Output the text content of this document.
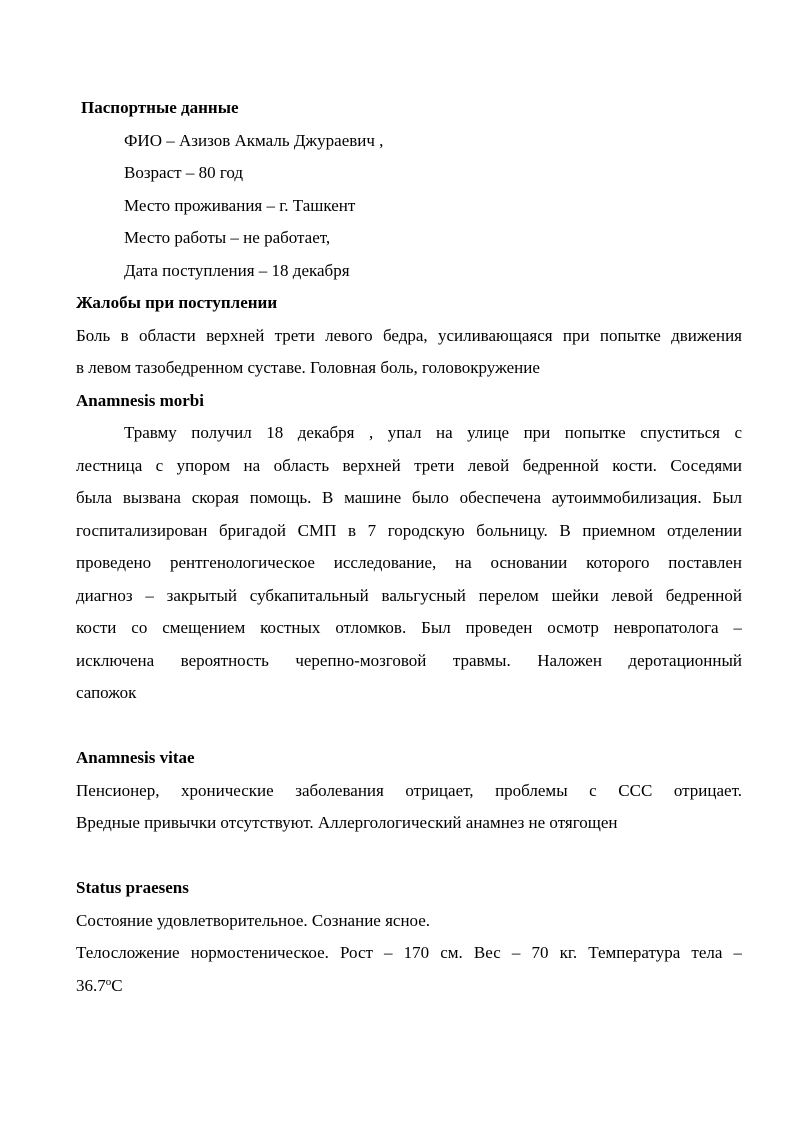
Паспортные данные
ФИО – Азизов Акмаль Джураевич ,
Возраст – 80 год
Место проживания – г. Ташкент
Место работы – не работает,
Дата поступления – 18 декабря
Жалобы при поступлении
Боль в области верхней трети левого бедра, усиливающаяся при попытке движения
в левом тазобедренном суставе. Головная боль, головокружение
Anamnesis morbi
Травму получил 18 декабря , упал на улице при попытке спуститься с
лестница с упором на область верхней трети левой бедренной кости. Соседями
была вызвана скорая помощь. В машине было обеспечена аутоиммобилизация. Был
госпитализирован бригадой СМП в 7 городскую больницу. В приемном отделении
проведено рентгенологическое исследование, на основании которого поставлен
диагноз – закрытый субкапитальный вальгусный перелом шейки левой бедренной
кости со смещением костных отломков. Был проведен осмотр невропатолога –
исключена вероятность черепно-мозговой травмы. Наложен деротационный
сапожок
Anamnesis vitae
Пенсионер, хронические заболевания отрицает, проблемы с ССС отрицает.
Вредные привычки отсутствуют. Аллергологический анамнез не отягощен
Status praesens
Состояние удовлетворительное. Сознание ясное.
Телосложение нормостеническое. Рост – 170 см. Вес – 70 кг. Температура тела –
36.7$^o$C
